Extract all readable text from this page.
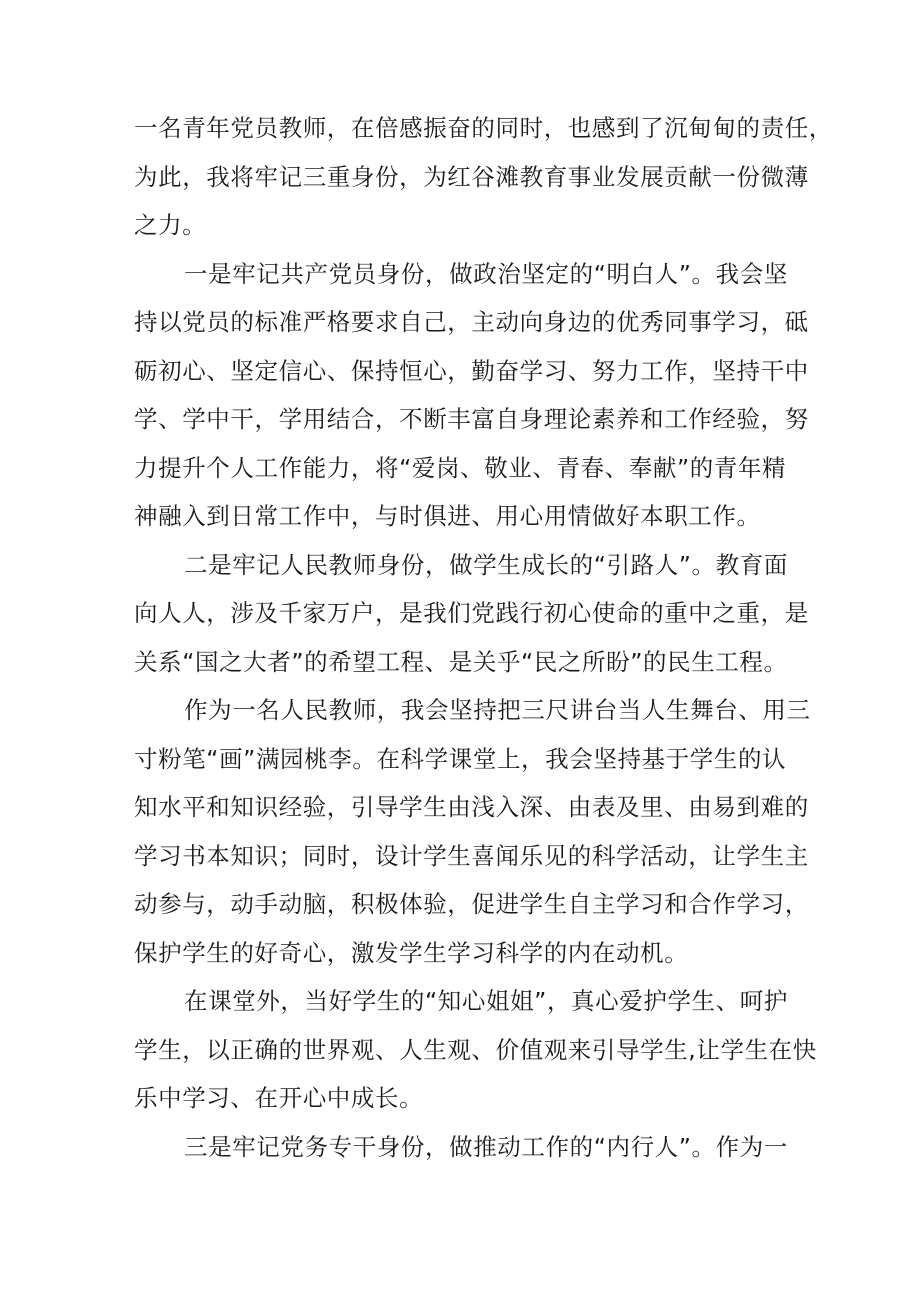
一名青年党员教师，在倍感振奋的同时，也感到了沉甸甸的责任，
为此，我将牢记三重身份，为红谷滩教育事业发展贡献一份微薄
之力。
一是牢记共产党员身份，做政治坚定的“明白人”。我会坚
持以党员的标准严格要求自己，主动向身边的优秀同事学习，砥
砺初心、坚定信心、保持恒心，勤奋学习、努力工作，坚持干中
学、学中干，学用结合，不断丰富自身理论素养和工作经验，努
力提升个人工作能力，将“爱岗、敬业、青春、奉献”的青年精
神融入到日常工作中，与时俱进、用心用情做好本职工作。
二是牢记人民教师身份，做学生成长的“引路人”。教育面
向人人，涉及千家万户，是我们党践行初心使命的重中之重，是
关系“国之大者”的希望工程、是关乎“民之所盼”的民生工程。
作为一名人民教师，我会坚持把三尺讲台当人生舞台、用三
寸粉笔“画”满园桃李。在科学课堂上，我会坚持基于学生的认
知水平和知识经验，引导学生由浅入深、由表及里、由易到难的
学习书本知识；同时，设计学生喜闻乐见的科学活动，让学生主
动参与，动手动脑，积极体验，促进学生自主学习和合作学习，
保护学生的好奇心，激发学生学习科学的内在动机。
在课堂外，当好学生的“知心姐姐”，真心爱护学生、呵护
学生，以正确的世界观、人生观、价值观来引导学生,让学生在快
乐中学习、在开心中成长。
三是牢记党务专干身份，做推动工作的“内行人”。作为一
